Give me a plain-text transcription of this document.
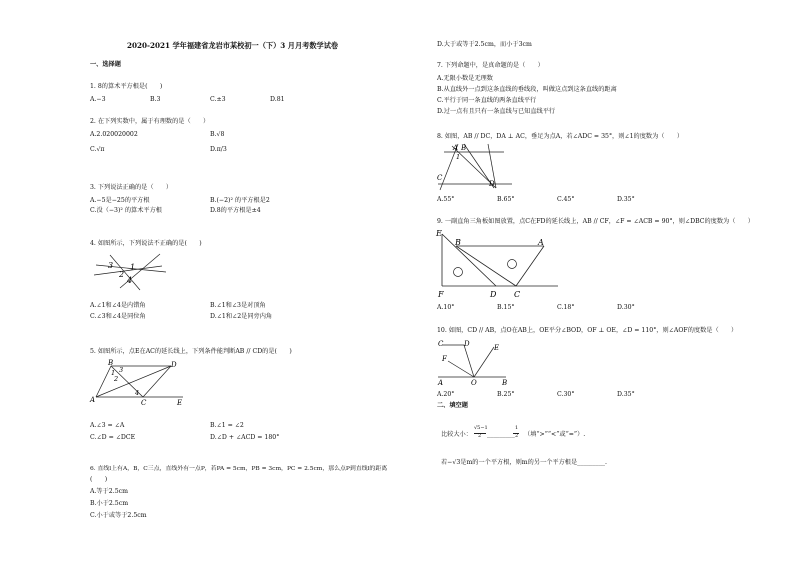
2020-2021 学年福建省龙岩市某校初一（下）3 月月考数学试卷
一、选择题
1. 8的算术平方根是(　　)
A.−3	B.3	C.±3	D.81
2. 在下列实数中，属于有理数的是（　　）
A.2.020020002	B.√8
C.√π	D.π/3
3. 下列说法正确的是（　　）
A.−5是−25的平方根	B.(−2)² 的平方根是2
C.没（−3)² 的算术平方根	D.8的平方根是±4
4. 如图所示，下列说法不正确的是(　　)
3 1
2
4
A.∠1和∠4是内错角	B.∠1和∠3是对顶角
C.∠3和∠4是同位角	D.∠1和∠2是同旁内角
5. 如图所示，点E在AC的延长线上，下列条件能判断AB // CD的是(　　)
B	D
1 3
2
4
A	C	E
A.∠3 = ∠A	B.∠1 = ∠2
C.∠D = ∠DCE	D.∠D + ∠ACD = 180°
6. 直线l上有A，B，C三点，直线外有一点P，若PA = 5cm，PB = 3cm，PC = 2.5cm，那么点P到直线l的距离
(　　)
A.等于2.5cm
B.小于2.5cm
C.小于或等于2.5cm
D.大于或等于2.5cm，而小于3cm
7. 下列命题中，是真命题的是（　　）
A.无限小数是无理数
B.从直线外一点到这条直线的垂线段，叫做这点到这条直线的距离
C.平行于同一条直线的两条直线平行
D.过一点有且只有一条直线与已知直线平行
8. 如图，AB // DC，DA ⊥ AC，垂足为点A，若∠ADC = 35°，则∠1的度数为（　　）
A B
1
C
D
A.55°	B.65°	C.45°	D.35°
9. 一副直角三角板如图放置，点C在FD的延长线上，AB // CF，∠F = ∠ACB = 90°，则∠DBC的度数为（　　）
E
B	A
F	D C
A.10°	B.15°	C.18°	D.30°
10. 如图，CD // AB，点O在AB上，OE平分∠BOD，OF ⊥ OE，∠D = 110°，则∠AOF的度数是（　　）
C	D	E
F
A	O	B
A.20°	B.25°	C.30°	D.35°
二、填空题
比较大小：
√5−1
2 _________
1
2 （填“>”“<”或“=”）.
若−√3是m的一个平方根，则m的另一个平方根是_________.
